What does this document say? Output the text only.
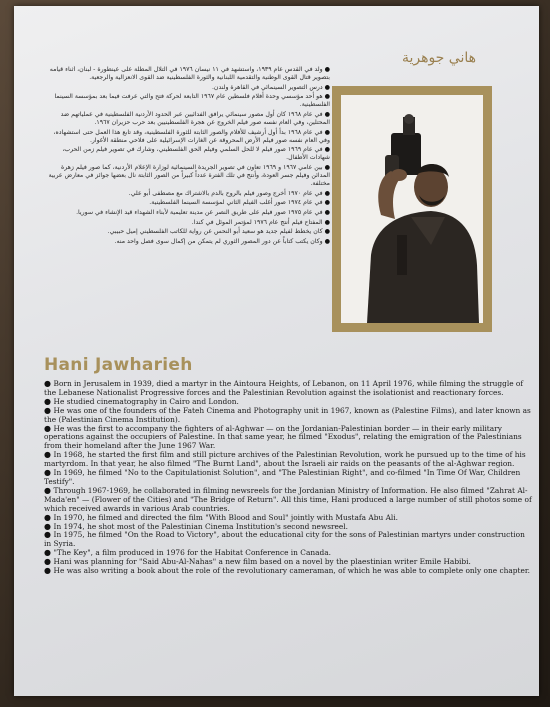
هاني جوهرية

● ولد في القدس عام ١٩٣٩، واستشهد في ١١ نيسان ١٩٧٦ في التلال المطلة على عينطورة - لبنان، أثناء قيامه بتصوير قتال القوى الوطنية والتقدمية اللبنانية والثورة الفلسطينية ضد القوى الانعزالية والرجعية.

● درس التصوير السينمائي في القاهرة ولندن.

● هو أحد مؤسسي وحدة أفلام فلسطين عام ١٩٦٧ التابعة لحركة فتح والتي عرفت فيما بعد بمؤسسة السينما الفلسطينية.

● في عام ١٩٦٨ كان أول مصور سينمائي يرافق الفدائيين عبر الحدود الأردنية الفلسطينية في عملياتهم ضد المحتلين، وفي العام نفسه صور فيلم الخروج عن هجرة الفلسطينيين بعد حرب حزيران ١٩٦٧.

● في عام ١٩٦٨ بدأ أول أرشيف للأفلام والصور الثابتة للثورة الفلسطينية، وقد تابع هذا العمل حتى استشهاده، وفي العام نفسه صور فيلم الأرض المحروقة عن الغارات الإسرائيلية على فلاحي منطقة الأغوار.

● في عام ١٩٦٩ صور فيلم لا للحل السلمي وفيلم الحق الفلسطيني، وشارك في تصوير فيلم زمن الحرب، شهادات الأطفال.

● بين عامي ١٩٦٧ و ١٩٦٩ تعاون في تصوير الجريدة السينمائية لوزارة الإعلام الأردنية، كما صور فيلم زهرة المدائن وفيلم جسر العودة، وأنتج في تلك الفترة عدداً كبيراً من الصور الثابتة نال بعضها جوائز في معارض عربية مختلفة.

● في عام ١٩٧٠ أخرج وصور فيلم بالروح بالدم بالاشتراك مع مصطفى أبو علي.

● في عام ١٩٧٤ صور أغلب الفيلم الثاني لمؤسسة السينما الفلسطينية.

● في عام ١٩٧٥ صور فيلم على طريق النصر عن مدينة تعليمية لأبناء الشهداء قيد الإنشاء في سوريا.

● المفتاح فيلم أنتج عام ١٩٧٦ لمؤتمر الموئل في كندا.

● كان يخطط لفيلم جديد هو سعيد أبو النحس عن رواية للكاتب الفلسطيني إميل حبيبي.

● وكان يكتب كتاباً عن دور المصور الثوري لم يتمكن من إكمال سوى فصل واحد منه.

Hani Jawharieh

● Born in Jerusalem in 1939, died a martyr in the Aintoura Heights, of Lebanon, on 11 April 1976, while filming the struggle of the Lebanese Nationalist Progressive forces and the Palestinian Revolution against the isolationist and reactionary forces.

● He studied cinematography in Cairo and London.

● He was one of the founders of the Fateh Cinema and Photography unit in 1967, known as (Palestine Films), and later known as the (Palestinian Cinema Institution).

● He was the first to accompany the fighters of al-Aghwar — on the Jordanian-Palestinian border — in their early military operations against the occupiers of Palestine. In that same year, he filmed "Exodus", relating the emigration of the Palestinians from their homeland after the June 1967 War.

● In 1968, he started the first film and still picture archives of the Palestinian Revolution, work he pursued up to the time of his martyrdom. In that year, he also filmed "The Burnt Land", about the Israeli air raids on the peasants of the al-Aghwar region.

● In 1969, he filmed "No to the Capitulationist Solution", and "The Palestinian Right", and co-filmed "In Time Of War, Children Testify".

● Through 1967-1969, he collaborated in filming newsreels for the Jordanian Ministry of Information. He also filmed "Zahrat Al-Mada'en" — (Flower of the Cities) and "The Bridge of Return". All this time, Hani produced a large number of still photos some of which received awards in various Arab countries.

● In 1970, he filmed and directed the film "With Blood and Soul" jointly with Mustafa Abu Ali.

● In 1974, he shot most of the Palestinian Cinema Institution's second newsreel.

● In 1975, he filmed "On the Road to Victory", about the educational city for the sons of Palestinian martyrs under construction in Syria.

● "The Key", a film produced in 1976 for the Habitat Conference in Canada.

● Hani was planning for "Said Abu-Al-Nahas" a new film based on a novel by the plaestinian writer Emile Habibi.

● He was also writing a book about the role of the revolutionary cameraman, of which he was able to complete only one chapter.
